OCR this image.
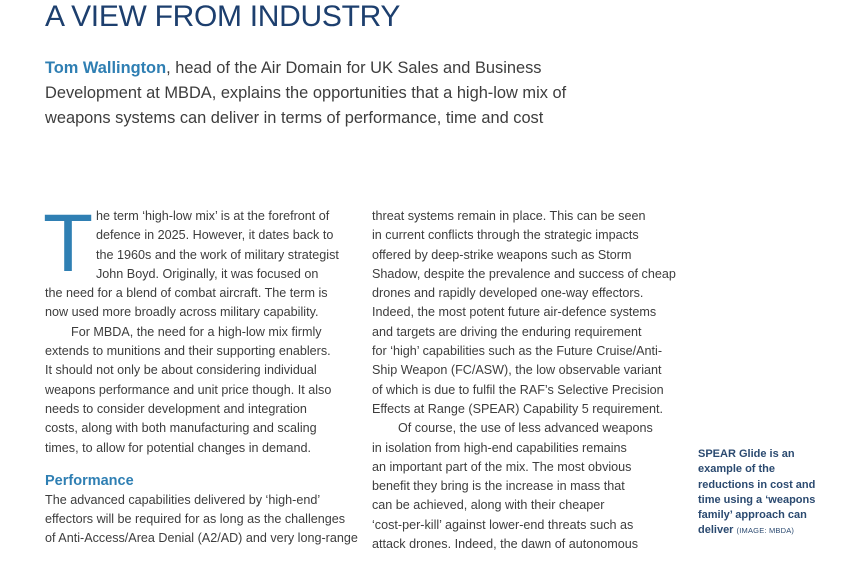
A VIEW FROM INDUSTRY

Tom Wallington, head of the Air Domain for UK Sales and Business Development at MBDA, explains the opportunities that a high-low mix of weapons systems can deliver in terms of performance, time and cost

T he term ‘high-low mix’ is at the forefront of

defence in 2025. However, it dates back to

the 1960s and the work of military strategist

John Boyd. Originally, it was focused on

the need for a blend of combat aircraft. The term is

now used more broadly across military capability.

For MBDA, the need for a high-low mix firmly

extends to munitions and their supporting enablers.

It should not only be about considering individual

weapons performance and unit price though. It also

needs to consider development and integration

costs, along with both manufacturing and scaling

times, to allow for potential changes in demand.

Performance

The advanced capabilities delivered by ‘high-end’

effectors will be required for as long as the challenges

of Anti-Access/Area Denial (A2/AD) and very long-range

threat systems remain in place. This can be seen

in current conflicts through the strategic impacts

offered by deep-strike weapons such as Storm

Shadow, despite the prevalence and success of cheap

drones and rapidly developed one-way effectors.

Indeed, the most potent future air-defence systems

and targets are driving the enduring requirement

for ‘high’ capabilities such as the Future Cruise/Anti-

Ship Weapon (FC/ASW), the low observable variant

of which is due to fulfil the RAF’s Selective Precision

Effects at Range (SPEAR) Capability 5 requirement.

Of course, the use of less advanced weapons

in isolation from high-end capabilities remains

an important part of the mix. The most obvious

benefit they bring is the increase in mass that

can be achieved, along with their cheaper

‘cost-per-kill’ against lower-end threats such as

attack drones. Indeed, the dawn of autonomous

SPEAR Glide is an example of the reductions in cost and time using a ‘weapons family’ approach can deliver (IMAGE: MBDA)
